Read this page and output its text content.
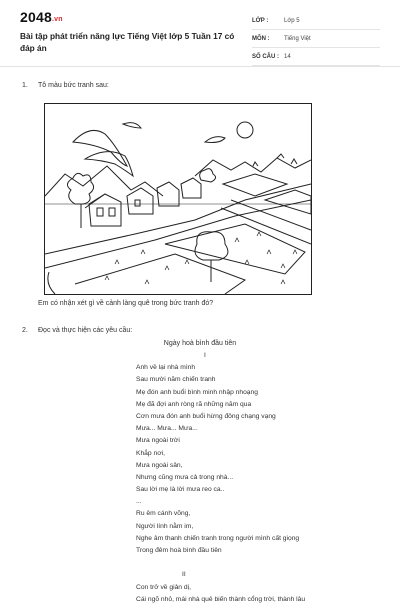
2048.vn
Bài tập phát triển năng lực Tiếng Việt lớp 5 Tuần 17 có đáp án
LỚP :	Lớp 5
MÔN :	Tiếng Việt
SỐ CÂU : 14
1. Tô màu bức tranh sau:
Em có nhận xét gì về cảnh làng quê trong bức tranh đó?
2. Đọc và thực hiện các yêu cầu:
Ngày hoà bình đầu tiên
I
Anh về lại nhà mình
Sau mười năm chiến tranh
Mẹ đón anh buổi bình minh nhập nhoạng
Mẹ đã đợi anh ròng rã những năm qua
Cơn mưa đón anh buổi hừng đông chạng vạng
Mưa... Mưa... Mưa...
Mưa ngoài trời
Khắp nơi,
Mưa ngoài sân,
Nhưng cũng mưa cả trong nhà...
Sau lời mẹ là lời mưa reo ca..
...
Ru êm cánh võng,
Người lính nằm im,
Nghe âm thanh chiến tranh trong người mình cất giọng
Trong đêm hoà bình đầu tiên
II
Con trở về giản dị,
Cái ngõ nhỏ, mái nhà quê biến thành cổng trời, thành lâu
